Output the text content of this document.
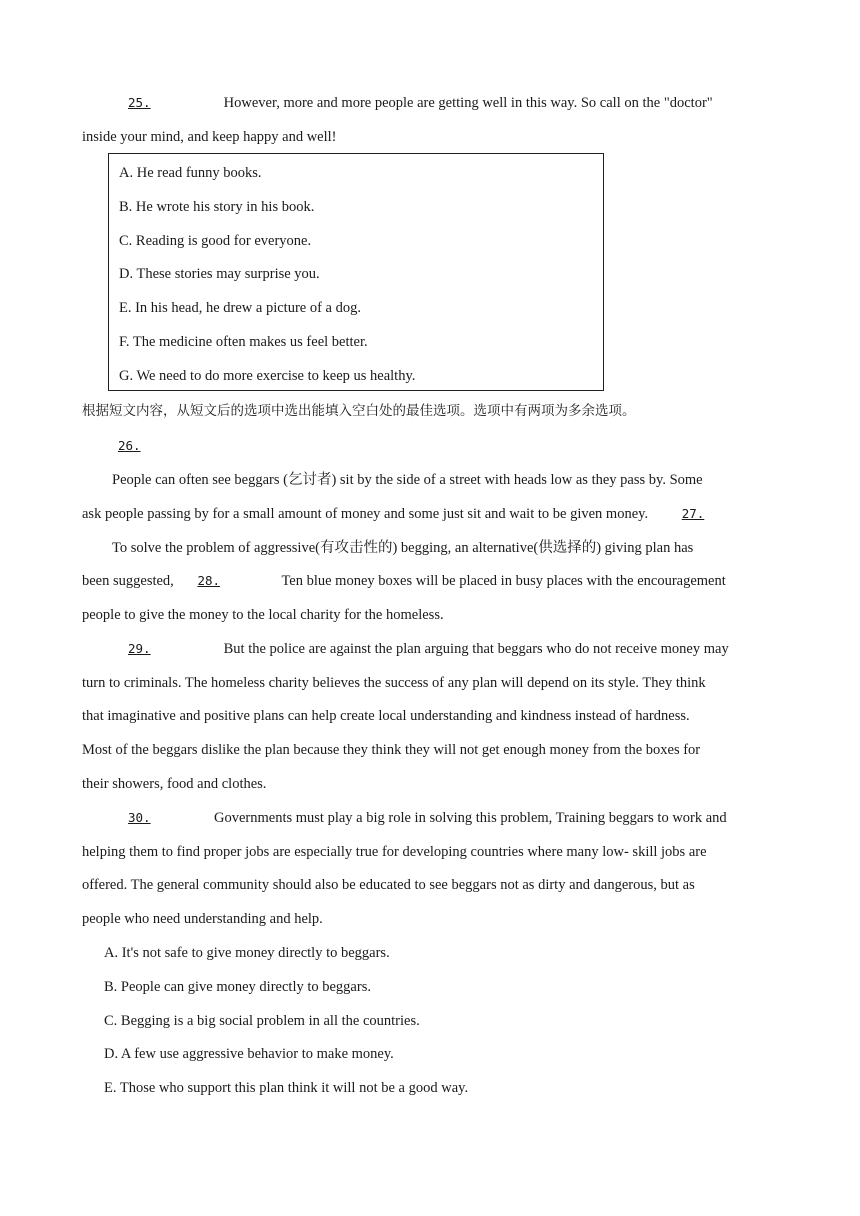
25.	However, more and more people are getting well in this way. So call on the "doctor"
inside your mind, and keep happy and well!
A. He read funny books.
B. He wrote his story in his book.
C. Reading is good for everyone.
D. These stories may surprise you.
E. In his head, he drew a picture of a dog.
F. The medicine often makes us feel better.
G. We need to do more exercise to keep us healthy.
根据短文内容，从短文后的选项中选出能填入空白处的最佳选项。选项中有两项为多余选项。
26.
People can often see beggars (乞讨者) sit by the side of a street with heads low as they pass by. Some
ask people passing by for a small amount of money and some just sit and wait to be given money.	27.
To solve the problem of aggressive(有攻击性的) begging, an alternative(供选择的) giving plan has
been suggested, 28.	Ten blue money boxes will be placed in busy places with the encouragement
people to give the money to the local charity for the homeless.
29.	But the police are against the plan arguing that beggars who do not receive money may
turn to criminals. The homeless charity believes the success of any plan will depend on its style. They think
that imaginative and positive plans can help create local understanding and kindness instead of hardness.
Most of the beggars dislike the plan because they think they will not get enough money from the boxes for
their showers, food and clothes.
30.	Governments must play a big role in solving this problem, Training beggars to work and
helping them to find proper jobs are especially true for developing countries where many low- skill jobs are
offered. The general community should also be educated to see beggars not as dirty and dangerous, but as
people who need understanding and help.
A. It's not safe to give money directly to beggars.
B. People can give money directly to beggars.
C. Begging is a big social problem in all the countries.
D. A few use aggressive behavior to make money.
E. Those who support this plan think it will not be a good way.
